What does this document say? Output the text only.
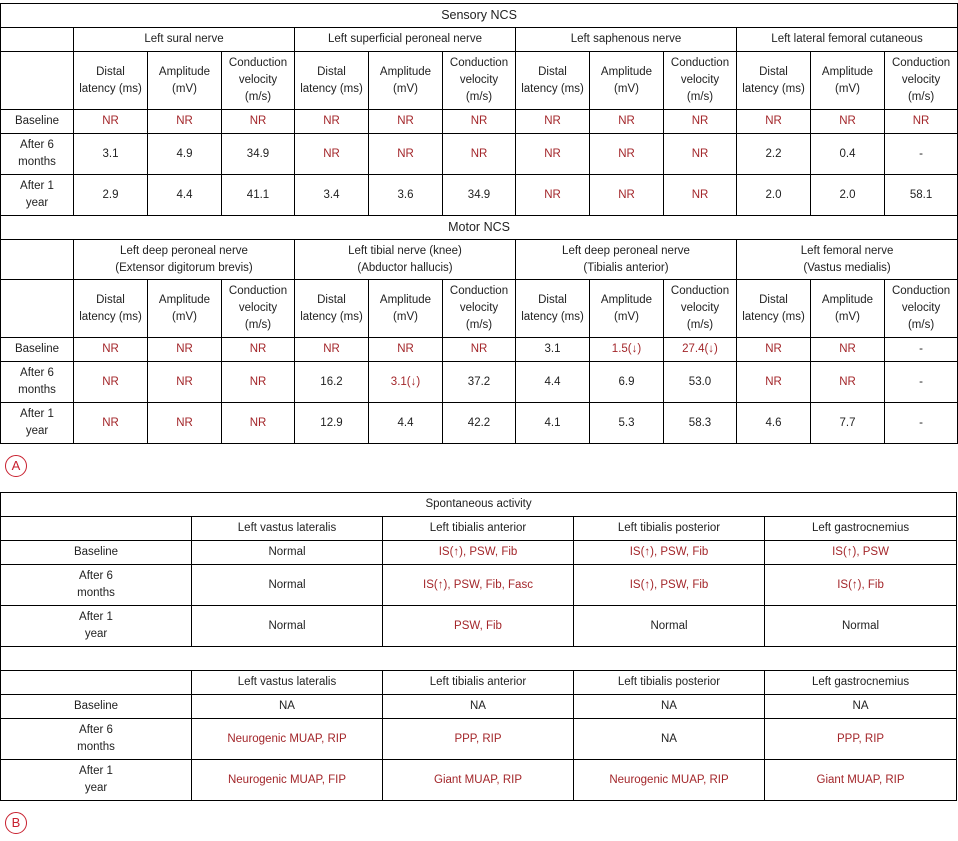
Sensory NCS												
	Left sural nerve			Left superficial peroneal nerve			Left saphenous nerve			Left lateral femoral cutaneous		
	Distal
latency (ms)	Amplitude
(mV)	Conduction
velocity
(m/s)	Distal
latency (ms)	Amplitude
(mV)	Conduction
velocity
(m/s)	Distal
latency (ms)	Amplitude
(mV)	Conduction
velocity
(m/s)	Distal
latency (ms)	Amplitude
(mV)	Conduction
velocity
(m/s)
Baseline	NR	NR	NR	NR	NR	NR	NR	NR	NR	NR	NR	NR
After 6
months	3.1	4.9	34.9	NR	NR	NR	NR	NR	NR	2.2	0.4	-
After 1
year	2.9	4.4	41.1	3.4	3.6	34.9	NR	NR	NR	2.0	2.0	58.1
Motor NCS												
	Left deep peroneal nerve
(Extensor digitorum brevis)			Left tibial nerve (knee)
(Abductor hallucis)			Left deep peroneal nerve
(Tibialis anterior)			Left femoral nerve
(Vastus medialis)		
	Distal
latency (ms)	Amplitude
(mV)	Conduction
velocity
(m/s)	Distal
latency (ms)	Amplitude
(mV)	Conduction
velocity
(m/s)	Distal
latency (ms)	Amplitude
(mV)	Conduction
velocity
(m/s)	Distal
latency (ms)	Amplitude
(mV)	Conduction
velocity
(m/s)
Baseline	NR	NR	NR	NR	NR	NR	3.1	1.5(↓)	27.4(↓)	NR	NR	-
After 6
months	NR	NR	NR	16.2	3.1(↓)	37.2	4.4	6.9	53.0	NR	NR	-
After 1
year	NR	NR	NR	12.9	4.4	42.2	4.1	5.3	58.3	4.6	7.7	-
A
Spontaneous activity				
	Left vastus lateralis	Left tibialis anterior	Left tibialis posterior	Left gastrocnemius
Baseline	Normal	IS(↑), PSW, Fib	IS(↑), PSW, Fib	IS(↑), PSW
After 6
months	Normal	IS(↑), PSW, Fib, Fasc	IS(↑), PSW, Fib	IS(↑), Fib
After 1
year	Normal	PSW, Fib	Normal	Normal

	Left vastus lateralis	Left tibialis anterior	Left tibialis posterior	Left gastrocnemius
Baseline	NA	NA	NA	NA
After 6
months	Neurogenic MUAP, RIP	PPP, RIP	NA	PPP, RIP
After 1
year	Neurogenic MUAP, FIP	Giant MUAP, RIP	Neurogenic MUAP, RIP	Giant MUAP, RIP
B
